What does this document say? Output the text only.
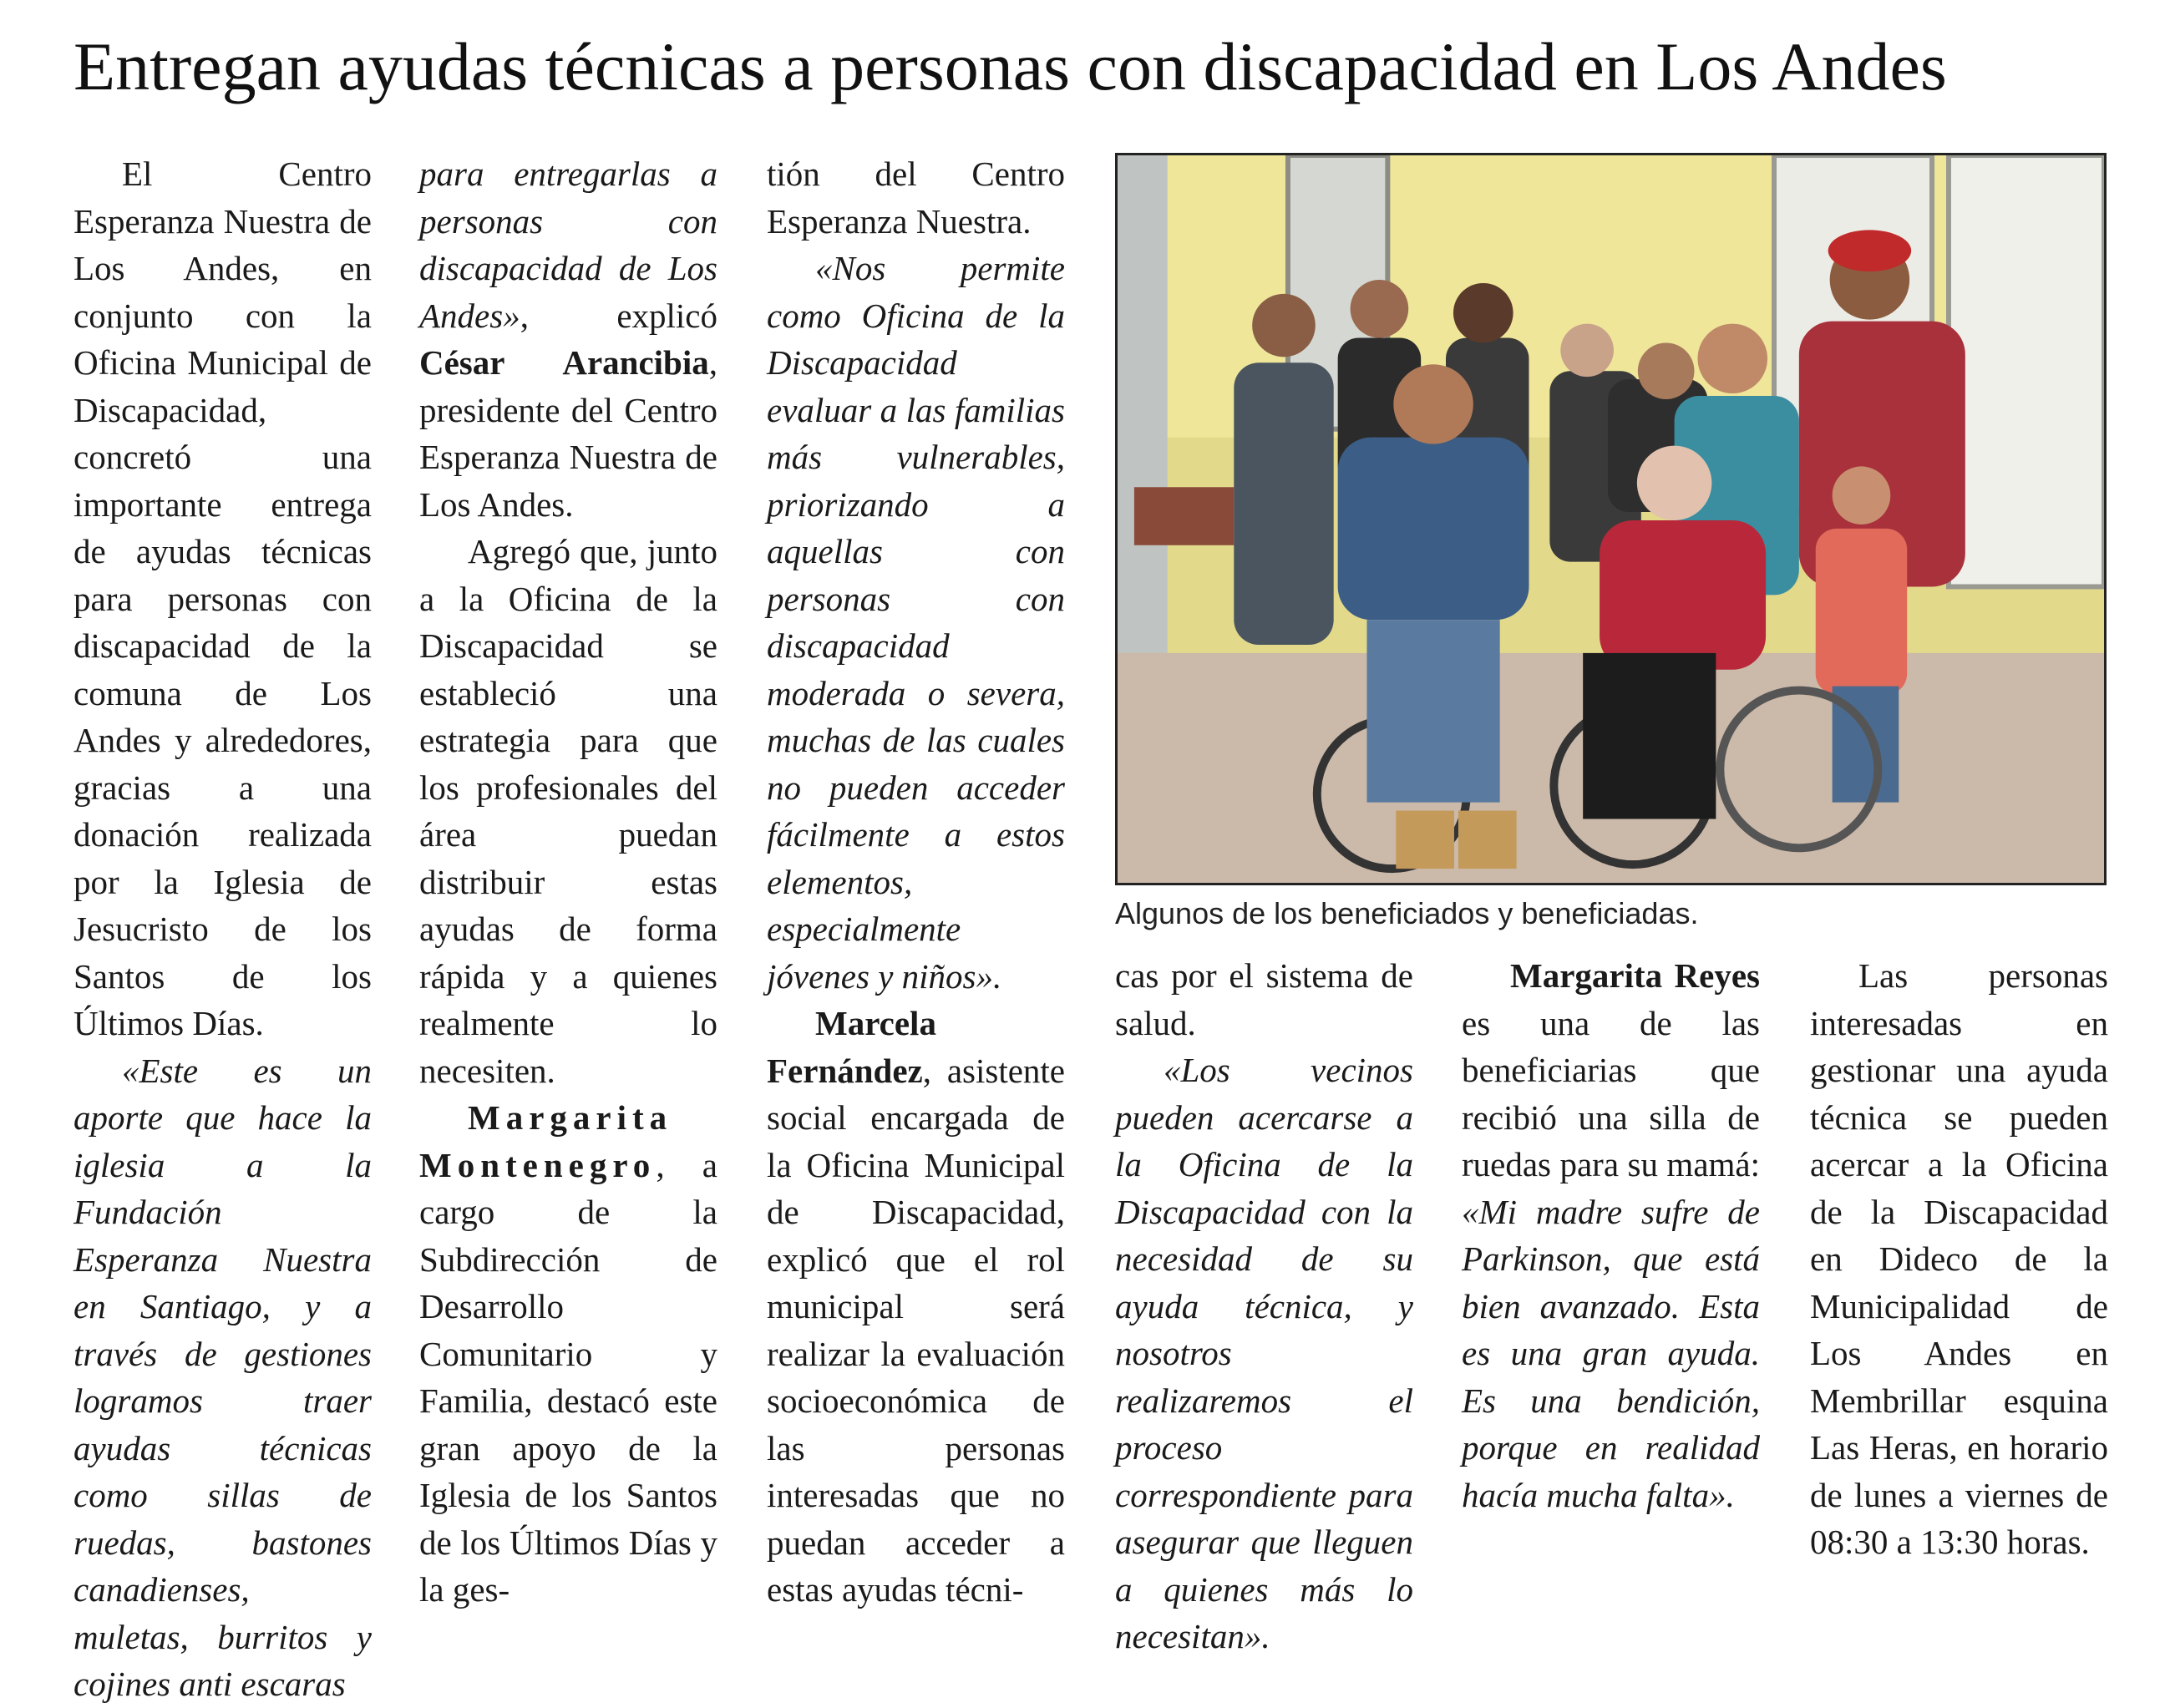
Entregan ayudas técnicas a personas con discapacidad en Los Andes

El Centro Esperanza Nuestra de Los Andes, en conjunto con la Oficina Municipal de Discapacidad, concretó una importante entrega de ayudas técnicas para personas con discapacidad de la comuna de Los Andes y alrededores, gracias a una donación realizada por la Iglesia de Jesucristo de los Santos de los Últimos Días.

«Este es un aporte que hace la iglesia a la Fundación Esperanza Nuestra en Santiago, y a través de gestiones logramos traer ayudas técnicas como sillas de ruedas, bastones canadienses, muletas, burritos y cojines anti escaras

para entregarlas a personas con discapacidad de Los Andes», explicó César Arancibia, presidente del Centro Esperanza Nuestra de Los Andes.

Agregó que, junto a la Oficina de la Discapacidad se estableció una estrategia para que los profesionales del área puedan distribuir estas ayudas de forma rápida y a quienes realmente lo necesiten.

Margarita Montenegro, a cargo de la Subdirección de Desarrollo Comunitario y Familia, destacó este gran apoyo de la Iglesia de los Santos de los Últimos Días y la ges-

tión del Centro Esperanza Nuestra.

«Nos permite como Oficina de la Discapacidad evaluar a las familias más vulnerables, priorizando a aquellas con personas con discapacidad moderada o severa, muchas de las cuales no pueden acceder fácilmente a estos elementos, especialmente jóvenes y niños».

Marcela Fernández, asistente social encargada de la Oficina Municipal de Discapacidad, explicó que el rol municipal será realizar la evaluación socioeconómica de las personas interesadas que no puedan acceder a estas ayudas técni-

Algunos de los beneficiados y beneficiadas.

cas por el sistema de salud.

«Los vecinos pueden acercarse a la Oficina de la Discapacidad con la necesidad de su ayuda técnica, y nosotros realizaremos el proceso correspondiente para asegurar que lleguen a quienes más lo necesitan».

Margarita Reyes es una de las beneficiarias que recibió una silla de ruedas para su mamá: «Mi madre sufre de Parkinson, que está bien avanzado. Esta es una gran ayuda. Es una bendición, porque en realidad hacía mucha falta».

Las personas interesadas en gestionar una ayuda técnica se pueden acercar a la Oficina de la Discapacidad en Dideco de la Municipalidad de Los Andes en Membrillar esquina Las Heras, en horario de lunes a viernes de 08:30 a 13:30 horas.
